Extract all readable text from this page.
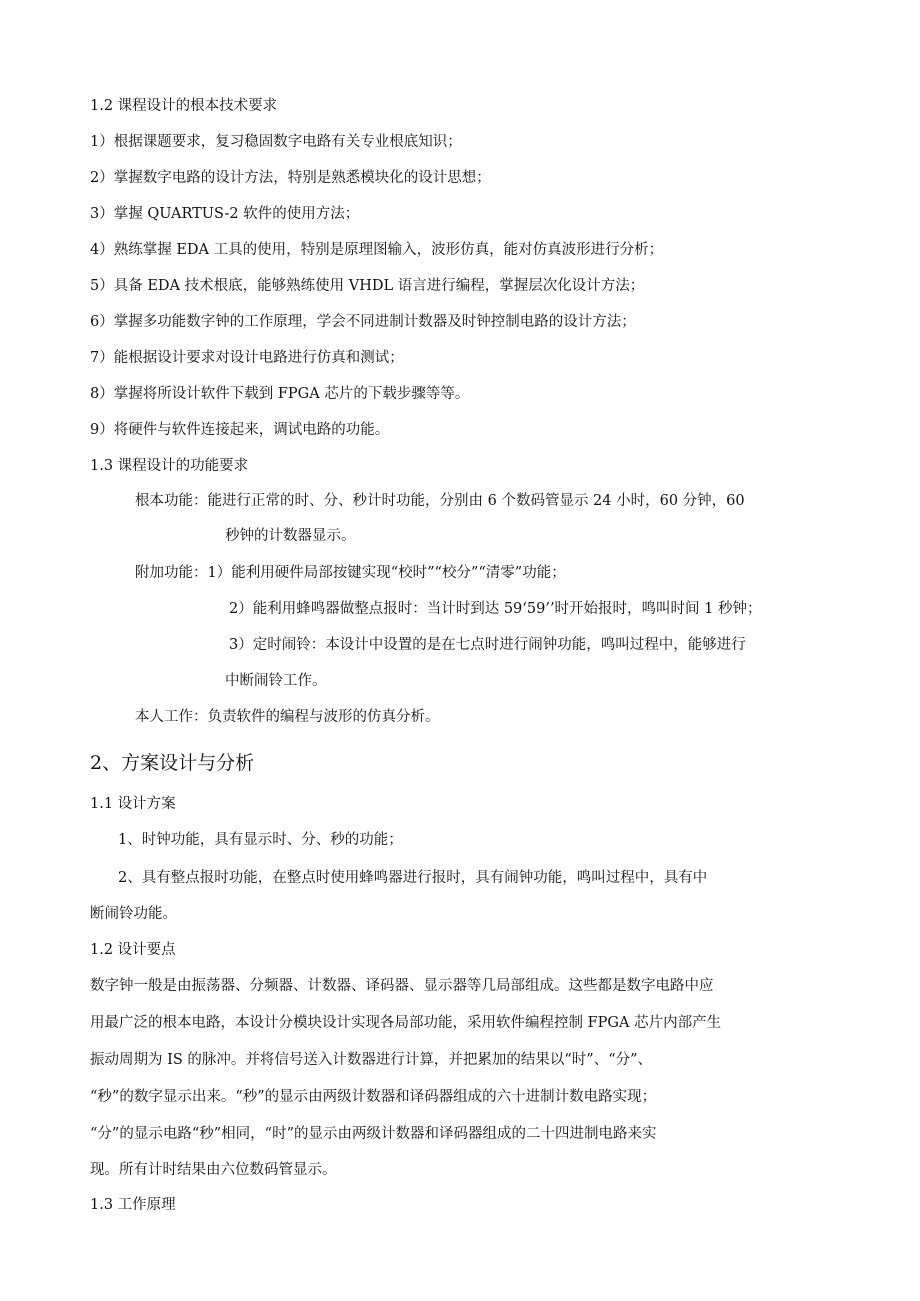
1.2 课程设计的根本技术要求
1）根据课题要求，复习稳固数字电路有关专业根底知识；
2）掌握数字电路的设计方法，特别是熟悉模块化的设计思想；
3）掌握 QUARTUS-2 软件的使用方法；
4）熟练掌握 EDA 工具的使用，特别是原理图输入，波形仿真，能对仿真波形进行分析；
5）具备 EDA 技术根底，能够熟练使用 VHDL 语言进行编程，掌握层次化设计方法；
6）掌握多功能数字钟的工作原理，学会不同进制计数器及时钟控制电路的设计方法；
7）能根据设计要求对设计电路进行仿真和测试；
8）掌握将所设计软件下载到 FPGA 芯片的下载步骤等等。
9）将硬件与软件连接起来，调试电路的功能。
1.3 课程设计的功能要求
根本功能：能进行正常的时、分、秒计时功能，分别由 6 个数码管显示 24 小时，60 分钟，60
秒钟的计数器显示。
附加功能：1）能利用硬件局部按键实现“校时”“校分”“清零”功能；
2）能利用蜂鸣器做整点报时：当计时到达 59‘59’’时开始报时，鸣叫时间 1 秒钟；
3）定时闹铃：本设计中设置的是在七点时进行闹钟功能，鸣叫过程中，能够进行
中断闹铃工作。
本人工作：负责软件的编程与波形的仿真分析。
2、方案设计与分析
1.1 设计方案
1、时钟功能，具有显示时、分、秒的功能；
2、具有整点报时功能，在整点时使用蜂鸣器进行报时，具有闹钟功能，鸣叫过程中，具有中
断闹铃功能。
1.2 设计要点
数字钟一般是由振荡器、分频器、计数器、译码器、显示器等几局部组成。这些都是数字电路中应
用最广泛的根本电路，本设计分模块设计实现各局部功能，采用软件编程控制 FPGA 芯片内部产生
振动周期为 IS 的脉冲。并将信号送入计数器进行计算，并把累加的结果以“时”、“分”、
“秒”的数字显示出来。“秒”的显示由两级计数器和译码器组成的六十进制计数电路实现；
“分”的显示电路“秒”相同，“时”的显示由两级计数器和译码器组成的二十四进制电路来实
现。所有计时结果由六位数码管显示。
1.3 工作原理
